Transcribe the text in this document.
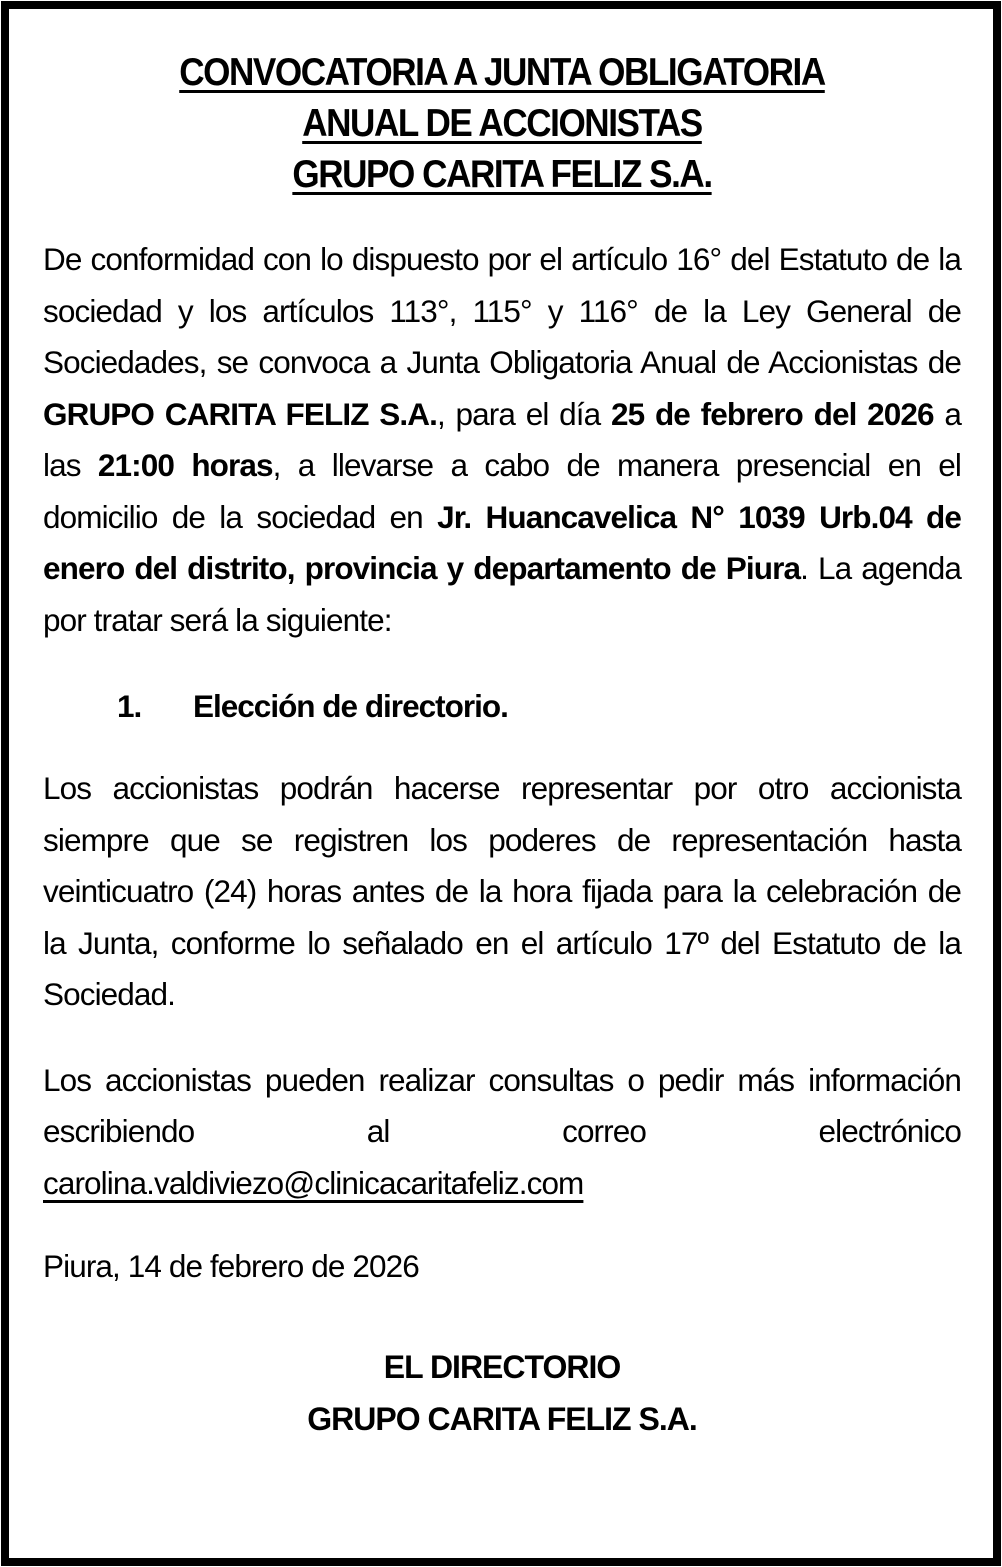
CONVOCATORIA A JUNTA OBLIGATORIA
ANUAL DE ACCIONISTAS
GRUPO CARITA FELIZ S.A.

De conformidad con lo dispuesto por el artículo 16° del Estatuto de la sociedad y los artículos 113°, 115° y 116° de la Ley General de Sociedades, se convoca a Junta Obligatoria Anual de Accionistas de GRUPO CARITA FELIZ S.A., para el día 25 de febrero del 2026 a las 21:00 horas, a llevarse a cabo de manera presencial en el domicilio de la sociedad en Jr. Huancavelica N° 1039 Urb.04 de enero del distrito, provincia y departamento de Piura. La agenda por tratar será la siguiente:

1. Elección de directorio.

Los accionistas podrán hacerse representar por otro accionista siempre que se registren los poderes de representación hasta veinticuatro (24) horas antes de la hora fijada para la celebración de la Junta, conforme lo señalado en el artículo 17º del Estatuto de la Sociedad.

Los accionistas pueden realizar consultas o pedir más información escribiendo al correo electrónico carolina.valdiviezo@clinicacaritafeliz.com

Piura, 14 de febrero de 2026

EL DIRECTORIO
GRUPO CARITA FELIZ S.A.
